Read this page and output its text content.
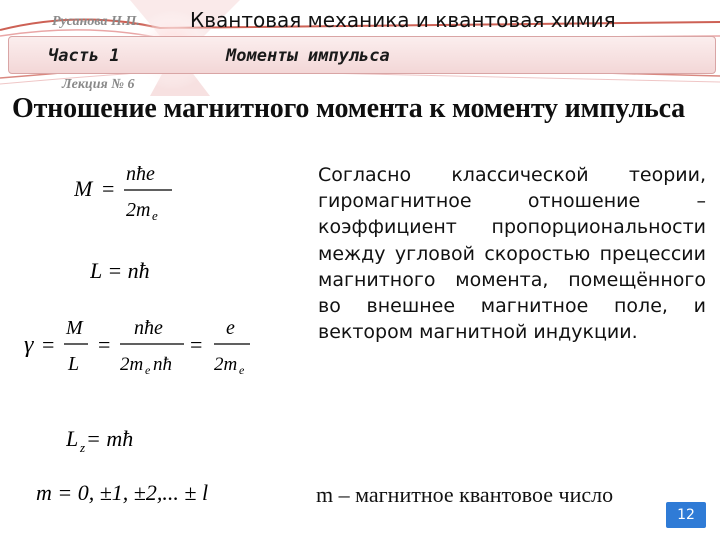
Русанова Н.П.	Квантовая механика и квантовая химия
Часть 1	Моменты импульса
Лекция № 6
Отношение магнитного момента к моменту импульса
M =
nħe
2m e
L = nħ
γ =
M
L
=
nħe
2m e nħ
=
e
2m e
L z = mħ
m = 0, ±1, ±2,... ± l
Согласно классической теории, гиромагнитное отношение – коэффициент пропорциональности между угловой скоростью прецессии магнитного момента, помещённого во внешнее магнитное поле, и вектором магнитной индукции.
m – магнитное квантовое число
12
